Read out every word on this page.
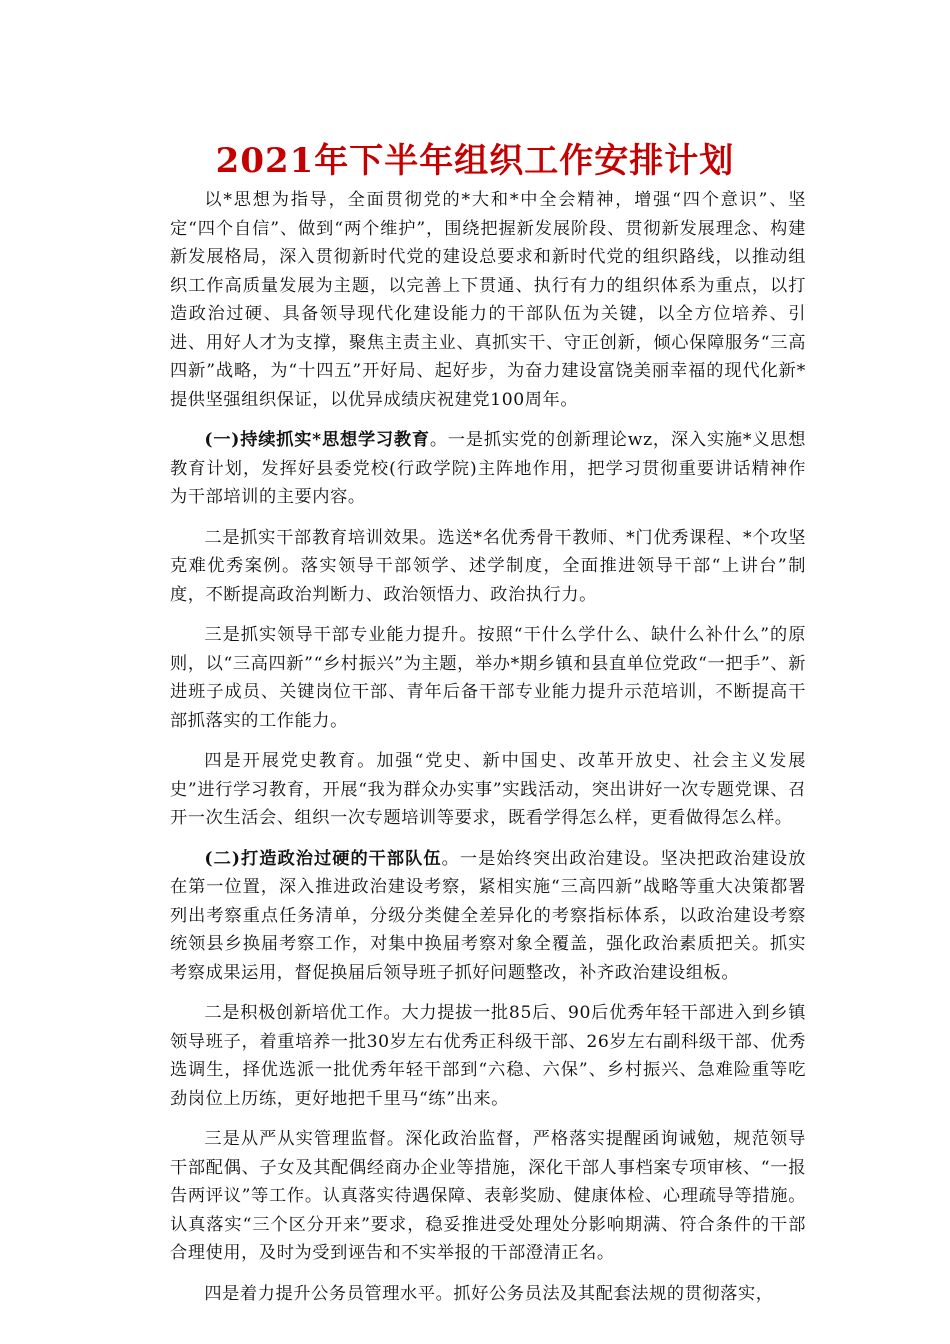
2021年下半年组织工作安排计划

以*思想为指导，全面贯彻党的*大和*中全会精神，增强“四个意识”、坚定“四个自信”、做到“两个维护”，围绕把握新发展阶段、贯彻新发展理念、构建新发展格局，深入贯彻新时代党的建设总要求和新时代党的组织路线，以推动组织工作高质量发展为主题，以完善上下贯通、执行有力的组织体系为重点，以打造政治过硬、具备领导现代化建设能力的干部队伍为关键，以全方位培养、引进、用好人才为支撑，聚焦主责主业、真抓实干、守正创新，倾心保障服务“三高四新”战略，为“十四五”开好局、起好步，为奋力建设富饶美丽幸福的现代化新*提供坚强组织保证，以优异成绩庆祝建党100周年。

(一)持续抓实*思想学习教育。一是抓实党的创新理论wz，深入实施*义思想教育计划，发挥好县委党校(行政学院)主阵地作用，把学习贯彻重要讲话精神作为干部培训的主要内容。

二是抓实干部教育培训效果。选送*名优秀骨干教师、*门优秀课程、*个攻坚克难优秀案例。落实领导干部领学、述学制度，全面推进领导干部“上讲台”制度，不断提高政治判断力、政治领悟力、政治执行力。

三是抓实领导干部专业能力提升。按照“干什么学什么、缺什么补什么”的原则，以“三高四新”“乡村振兴”为主题，举办*期乡镇和县直单位党政“一把手”、新进班子成员、关键岗位干部、青年后备干部专业能力提升示范培训，不断提高干部抓落实的工作能力。

四是开展党史教育。加强“党史、新中国史、改革开放史、社会主义发展史”进行学习教育，开展“我为群众办实事”实践活动，突出讲好一次专题党课、召开一次生活会、组织一次专题培训等要求，既看学得怎么样，更看做得怎么样。

(二)打造政治过硬的干部队伍。一是始终突出政治建设。坚决把政治建设放在第一位置，深入推进政治建设考察，紧相实施“三高四新”战略等重大决策都署列出考察重点任务清单，分级分类健全差异化的考察指标体系，以政治建设考察统领县乡换届考察工作，对集中换届考察对象全覆盖，强化政治素质把关。抓实考察成果运用，督促换届后领导班子抓好问题整改，补齐政治建设组板。

二是积极创新培优工作。大力提拔一批85后、90后优秀年轻干部进入到乡镇领导班子，着重培养一批30岁左右优秀正科级干部、26岁左右副科级干部、优秀选调生，择优选派一批优秀年轻干部到“六稳、六保”、乡村振兴、急难险重等吃劲岗位上历练，更好地把千里马“练”出来。

三是从严从实管理监督。深化政治监督，严格落实提醒函询诫勉，规范领导干部配偶、子女及其配偶经商办企业等措施，深化干部人事档案专项审核、“一报告两评议”等工作。认真落实待遇保障、表彰奖励、健康体检、心理疏导等措施。认真落实“三个区分开来”要求，稳妥推进受处理处分影响期满、符合条件的干部合理使用，及时为受到诬告和不实举报的干部澄清正名。

四是着力提升公务员管理水平。抓好公务员法及其配套法规的贯彻落实，
